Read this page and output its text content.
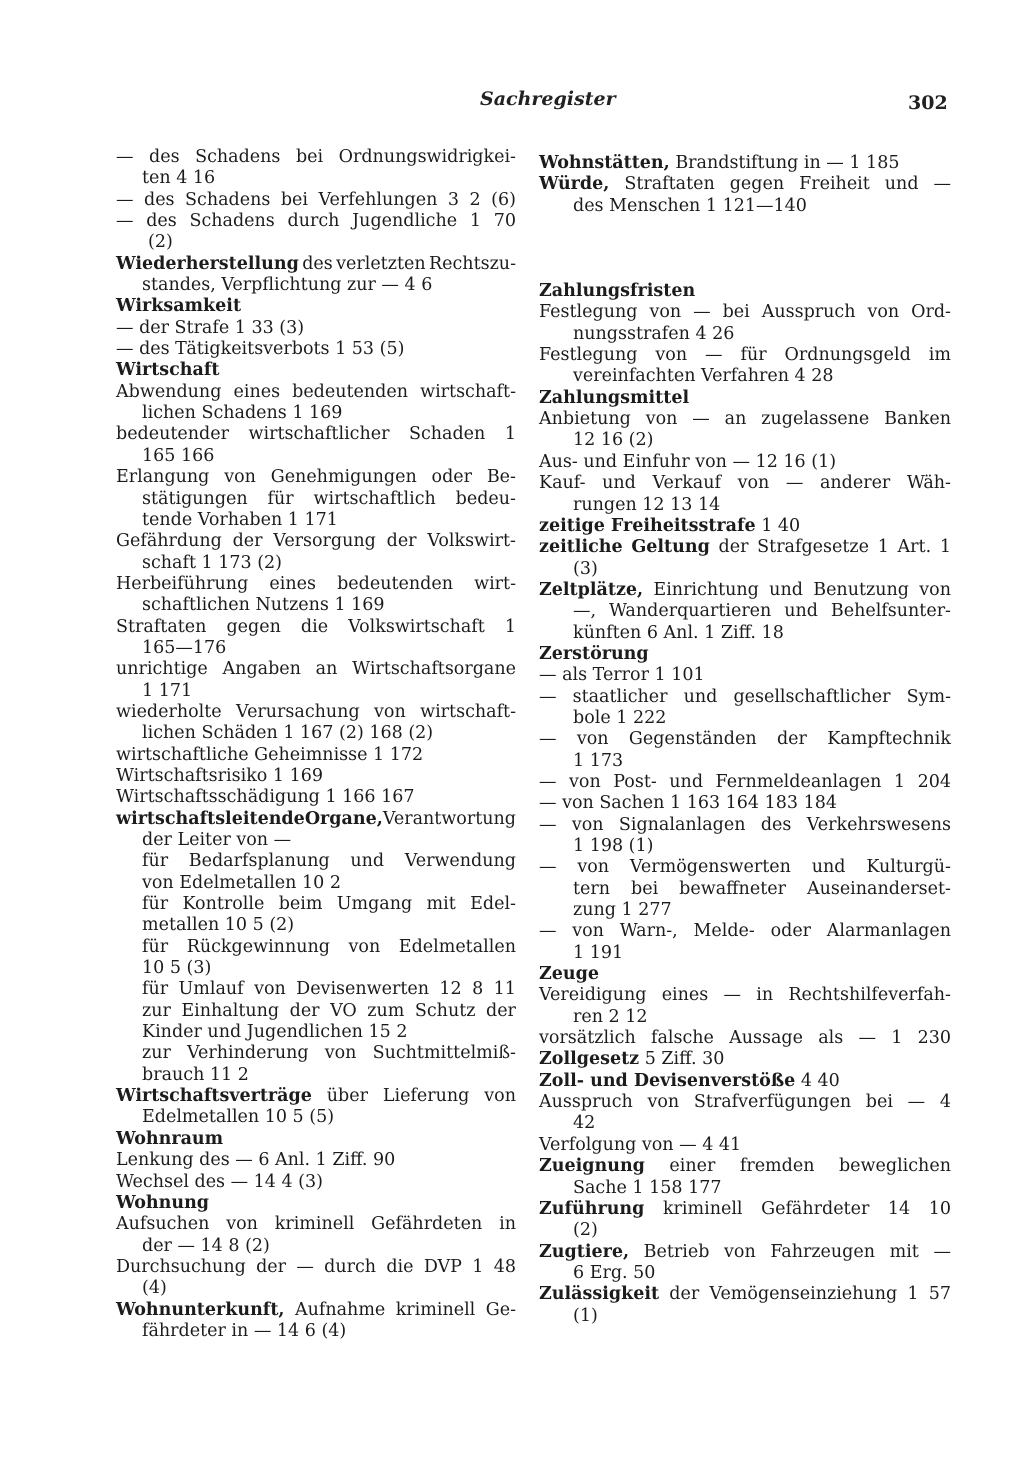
Sachregister	302
— des Schadens bei Ordnungswidrigkei-
ten 4 16
— des Schadens bei Verfehlungen 3 2 (6)
— des Schadens durch Jugendliche 1 70
(2)
Wiederherstellung des verletzten Rechtszu-
standes, Verpflichtung zur — 4 6
Wirksamkeit
— der Strafe 1 33 (3)
— des Tätigkeitsverbots 1 53 (5)
Wirtschaft
Abwendung eines bedeutenden wirtschaft-
lichen Schadens 1 169
bedeutender wirtschaftlicher Schaden 1
165 166
Erlangung von Genehmigungen oder Be-
stätigungen für wirtschaftlich bedeu-
tende Vorhaben 1 171
Gefährdung der Versorgung der Volkswirt-
schaft 1 173 (2)
Herbeiführung eines bedeutenden wirt-
schaftlichen Nutzens 1 169
Straftaten gegen die Volkswirtschaft 1
165—176
unrichtige Angaben an Wirtschaftsorgane
1 171
wiederholte Verursachung von wirtschaft-
lichen Schäden 1 167 (2) 168 (2)
wirtschaftliche Geheimnisse 1 172
Wirtschaftsrisiko 1 169
Wirtschaftsschädigung 1 166 167
wirtschaftsleitende Organe, Verantwortung
der Leiter von —
für Bedarfsplanung und Verwendung
von Edelmetallen 10 2
für Kontrolle beim Umgang mit Edel-
metallen 10 5 (2)
für Rückgewinnung von Edelmetallen
10 5 (3)
für Umlauf von Devisenwerten 12 8 11
zur Einhaltung der VO zum Schutz der
Kinder und Jugendlichen 15 2
zur Verhinderung von Suchtmittelmiß-
brauch 11 2
Wirtschaftsverträge über Lieferung von
Edelmetallen 10 5 (5)
Wohnraum
Lenkung des — 6 Anl. 1 Ziff. 90
Wechsel des — 14 4 (3)
Wohnung
Aufsuchen von kriminell Gefährdeten in
der — 14 8 (2)
Durchsuchung der — durch die DVP 1 48
(4)
Wohnunterkunft, Aufnahme kriminell Ge-
fährdeter in — 14 6 (4)
Wohnstätten, Brandstiftung in — 1 185
Würde, Straftaten gegen Freiheit und —
des Menschen 1 121—140
Zahlungsfristen
Festlegung von — bei Ausspruch von Ord-
nungsstrafen 4 26
Festlegung von — für Ordnungsgeld im
vereinfachten Verfahren 4 28
Zahlungsmittel
Anbietung von — an zugelassene Banken
12 16 (2)
Aus- und Einfuhr von — 12 16 (1)
Kauf- und Verkauf von — anderer Wäh-
rungen 12 13 14
zeitige Freiheitsstrafe 1 40
zeitliche Geltung der Strafgesetze 1 Art. 1
(3)
Zeltplätze, Einrichtung und Benutzung von
—, Wanderquartieren und Behelfsunter-
künften 6 Anl. 1 Ziff. 18
Zerstörung
— als Terror 1 101
— staatlicher und gesellschaftlicher Sym-
bole 1 222
— von Gegenständen der Kampftechnik
1 173
— von Post- und Fernmeldeanlagen 1 204
— von Sachen 1 163 164 183 184
— von Signalanlagen des Verkehrswesens
1 198 (1)
— von Vermögenswerten und Kulturgü-
tern bei bewaffneter Auseinanderset-
zung 1 277
— von Warn-, Melde- oder Alarmanlagen
1 191
Zeuge
Vereidigung eines — in Rechtshilfeverfah-
ren 2 12
vorsätzlich falsche Aussage als — 1 230
Zollgesetz 5 Ziff. 30
Zoll- und Devisenverstöße 4 40
Ausspruch von Strafverfügungen bei — 4
42
Verfolgung von — 4 41
Zueignung einer fremden beweglichen
Sache 1 158 177
Zuführung kriminell Gefährdeter 14 10
(2)
Zugtiere, Betrieb von Fahrzeugen mit —
6 Erg. 50
Zulässigkeit der Vemögenseinziehung 1 57
(1)
